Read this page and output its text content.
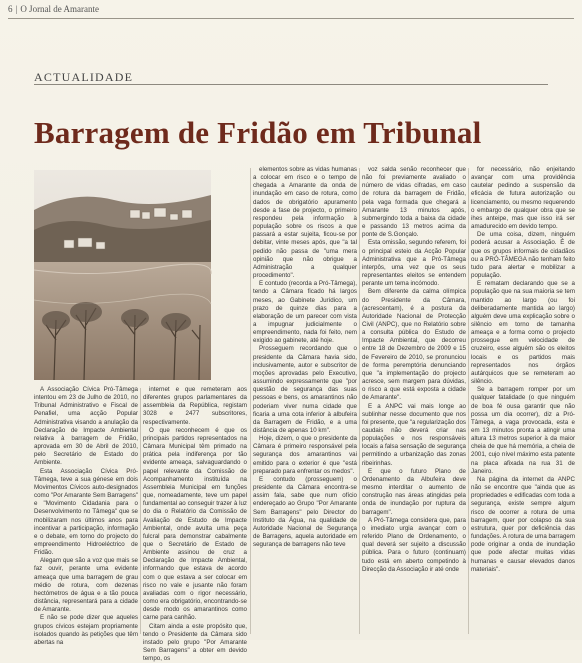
6 | O Jornal de Amarante
ACTUALIDADE
Barragem de Fridão em Tribunal

A Associação Cívica Pró-Tâmega intentou em 23 de Julho de 2010, no Tribunal Administrativo e Fiscal de Penafiel, uma acção Popular Administrativa visando a anulação da Declaração de Impacte Ambiental relativa à barragem de Fridão, aprovada em 30 de Abril de 2010, pelo Secretário de Estado do Ambiente.

Esta Associação Cívica Pró-Tâmega, teve a sua génese em dois Movimentos Cívicos auto-designados como "Por Amarante Sem Barragens" e "Movimento Cidadania para o Desenvolvimento no Tâmega" que se mobilizaram nos últimos anos para incentivar a participação, informação e o debate, em torno do projecto do empreendimento Hidroeléctrico de Fridão.

Alegam que são a voz que mais se faz ouvir, perante uma evidente ameaça que uma barragem de grau médio de rotura, com dezenas hectómetros de água e a tão pouca distância, representará para a cidade de Amarante.

E não se pode dizer que aqueles grupos cívicos estejam propriamente isolados quando às petições que têm abertas na

internet e que remeteram aos diferentes grupos parlamentares da assembleia da República, registam 3028 e 2477 subscritores, respectivamente.

O que reconhecem é que os principais partidos representados na Câmara Municipal têm primado na prática pela indiferença por tão evidente ameaça, salvaguardando o papel relevante da Comissão de Acompanhamento instituída na Assembleia Municipal em funções que, nomeadamente, teve um papel fundamental ao conseguir trazer à luz do dia o Relatório da Comissão de Avaliação de Estudo de Impacte Ambiental, onde avulta uma peça fulcral para demonstrar cabalmente que o Secretário de Estado de Ambiente assinou de cruz a Declaração de Impacte Ambiental, informando que estava de acordo com o que estava a ser colocar em risco no vale e jusante não foram avaliadas com o rigor necessário, como era obrigatório, encontrando-se desde modo os amarantinos como carne para canhão.

Citam ainda a este propósito que, tendo o Presidente da Câmara sido instado pelo grupo "Por Amarante Sem Barragens" a obter em devido tempo, os

elementos sobre as vidas humanas a colocar em risco e o tempo de chegada a Amarante da onda de inundação em caso de rotura, como dados de obrigatório apuramento desde a fase de projecto, o primeiro respondeu pela informação à população sobre os riscos a que passará a estar sujeita, ficou-se por debitar, vinte meses após, que "a tal pedido não passa de "uma mera opinião que não obrigue a Administração a qualquer procedimento".

E contudo (recorda a Pró-Tâmega), tendo a Câmara ficado há largos meses, ao Gabinete Jurídico, um prazo de quinze dias para a elaboração de um parecer com vista a impugnar judicialmente o empreendimento, nada foi feito, nem exigido ao gabinete, até hoje.

Prosseguem recordando que o presidente da Câmara havia sido, inclusivamente, autor e subscritor de moções aprovadas pelo Executivo, assumindo expressamente que "por questão de segurança das suas pessoas e bens, os amarantinos não poderiam viver numa cidade que ficaria a uma cota inferior à albufeira da Barragem de Fridão, e a uma distância de apenas 10 km".

Hoje, dizem, o que o presidente da Câmara é primeiro responsável pela segurança dos amarantinos vai emitido para o exterior é que "está preparado para enfrentar os medos".

E contudo (prosseguem) o presidente da Câmara encontra-se assim fala, sabe que num ofício endereçado ao Grupo "Por Amarante Sem Barragens" pelo Director do Instituto da Água, na qualidade de Autoridade Nacional de Segurança de Barragens, aquela autoridade em segurança de barragens não teve

voz salda senão reconhecer que não foi previamente avaliado o número de vidas cifradas, em caso de rotura da barragem de Fridão, pela vaga formada que chegará a Amarante 13 minutos após, submergindo toda a baixa da cidade e passando 13 metros acima da ponte de S.Gonçalo.

Esta omissão, segundo referem, foi o principal esteio da Acção Popular Administrativa que a Pró-Tâmega interpôs, uma vez que os seus representantes eleitos se entendem perante um tema incómodo.

Bem diferente da calma olímpica do Presidente da Câmara, (acrescentam), é a postura da Autoridade Nacional de Protecção Civil (ANPC), que no Relatório sobre a consulta pública do Estudo de Impacte Ambiental, que decorreu entre 18 de Dezembro de 2009 e 15 de Fevereiro de 2010, se pronunciou de forma peremptória denunciando que "a implementação do projecto acresce, sem margem para dúvidas, o risco a que está exposta a cidade de Amarante".

E a ANPC vai mais longe ao sublinhar nesse documento que nos foi presente, que "a regularização dos caudais não deverá criar nas populações e nos responsáveis locais a falsa sensação de segurança permitindo a urbanização das zonas ribeirinhas.

E que o futuro Plano de Ordenamento da Albufeira deve mesmo interditar o aumento de construção nas áreas atingidas pela onda de inundação por ruptura da barragem".

A Pró-Tâmega considera que, para o imediato urgia avançar com o referido Plano de Ordenamento, o qual deverá ser sujeito a discussão pública. Para o futuro (continuam) tudo está em aberto competindo à Direcção da Associação ir até onde

for necessário, não enjeitando avançar com uma providência cautelar pedindo a suspensão da eficácia de futura autorização ou licenciamento, ou mesmo requerendo o embargo de qualquer obra que se ihes anteipe, mas que isso irá ser amadurecido em devido tempo.

De uma coisa, dizem, ninguém poderá acusar a Associação. É de que os grupos informais de cidadãos ou a PRÓ-TÂMEGA não tenham feito tudo para alertar e mobilizar a população.

E rematam declarando que se a população que na sua maioria se tem mantido ao largo (ou foi deliberadamente mantida ao largo) alguém deve uma explicação sobre o silêncio em torno de tamanha ameaça e a forma como o projecto prossegue em velocidade de cruzeiro, esse alguém são os eleitos locais e os partidos mais representados nos órgãos autárquicos que se remeteram ao silêncio.

Se a barragem romper por um qualquer fatalidade (o que ninguém de boa fé ousa garantir que não possa um dia ocorrer), diz a Pró-Tâmega, a vaga provocada, esta e em 13 minutos pronta a atingir uma altura 13 metros superior à da maior cheia de que há memória, a cheia de 2001, cujo nível máximo esta patente na placa afixada na rua 31 de Janeiro.

Na página da internet da ANPC não se encontre que "ainda que as propriedades e edificadas com toda a segurança, existe sempre algum risco de ocorrer a rotura de uma barragem, quer por colapso da sua estrutura, quer por deficiência das fundações. A rotura de uma barragem pode originar a onda de inundação que pode afectar muitas vidas humanas e causar elevados danos materiais".
